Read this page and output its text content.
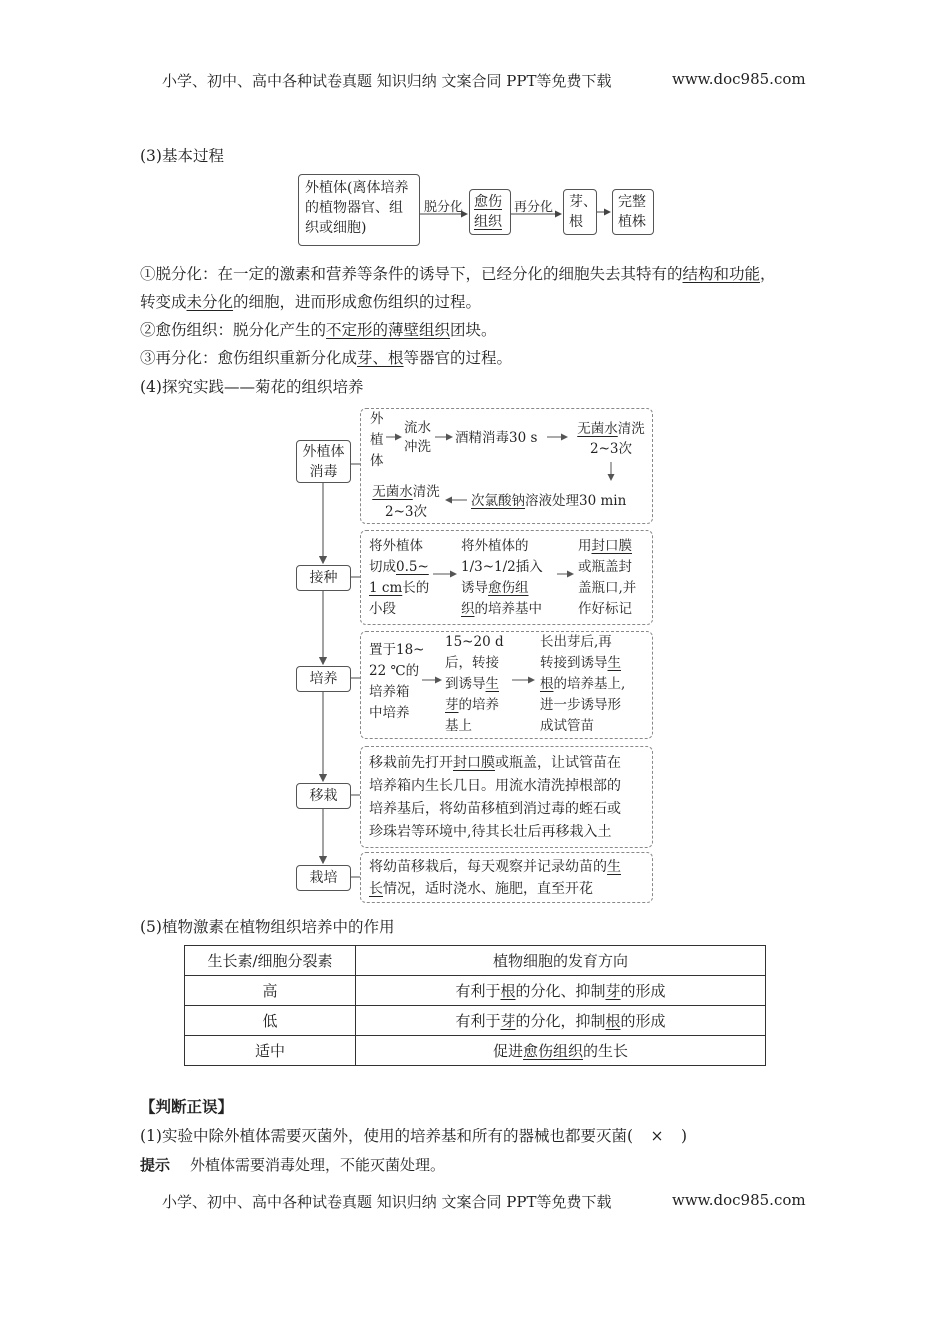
小学、初中、高中各种试卷真题 知识归纳 文案合同 PPT等免费下载	www.doc985.com
(3)基本过程
外植体(离体培养
的植物器官、组
织或细胞)
脱分化 愈伤
组织
再分化 芽、
根
完整
植株
①脱分化：在一定的激素和营养等条件的诱导下，已经分化的细胞失去其特有的结构和功能，
转变成未分化的细胞，进而形成愈伤组织的过程。
②愈伤组织：脱分化产生的不定形的薄壁组织团块。
③再分化：愈伤组织重新分化成芽、根等器官的过程。
(4)探究实践——菊花的组织培养
外植体
消毒
接种
培养
移栽
栽培
外
植
体
流水
冲洗
酒精消毒30 s
无菌水清洗
2~3次
无菌水清洗
2~3次
次氯酸钠溶液处理30 min
将外植体
切成0.5~
1 cm长的
小段
将外植体的
1/3~1/2插入
诱导愈伤组
织的培养基中
用封口膜
或瓶盖封
盖瓶口,并
作好标记
置于18~
22 ℃的
培养箱
中培养
15~20 d
后，转接
到诱导生
芽的培养
基上
长出芽后,再
转接到诱导生
根的培养基上,
进一步诱导形
成试管苗
移栽前先打开封口膜或瓶盖，让试管苗在
培养箱内生长几日。用流水清洗掉根部的
培养基后，将幼苗移植到消过毒的蛭石或
珍珠岩等环境中,待其长壮后再移栽入土
将幼苗移栽后，每天观察并记录幼苗的生
长情况，适时浇水、施肥，直至开花
(5)植物激素在植物组织培养中的作用
生长素/细胞分裂素	植物细胞的发育方向
高	有利于根的分化、抑制芽的形成
低	有利于芽的分化，抑制根的形成
适中	促进愈伤组织的生长
【判断正误】
(1)实验中除外植体需要灭菌外，使用的培养基和所有的器械也都要灭菌( × )
提示 外植体需要消毒处理，不能灭菌处理。
小学、初中、高中各种试卷真题 知识归纳 文案合同 PPT等免费下载	www.doc985.com
